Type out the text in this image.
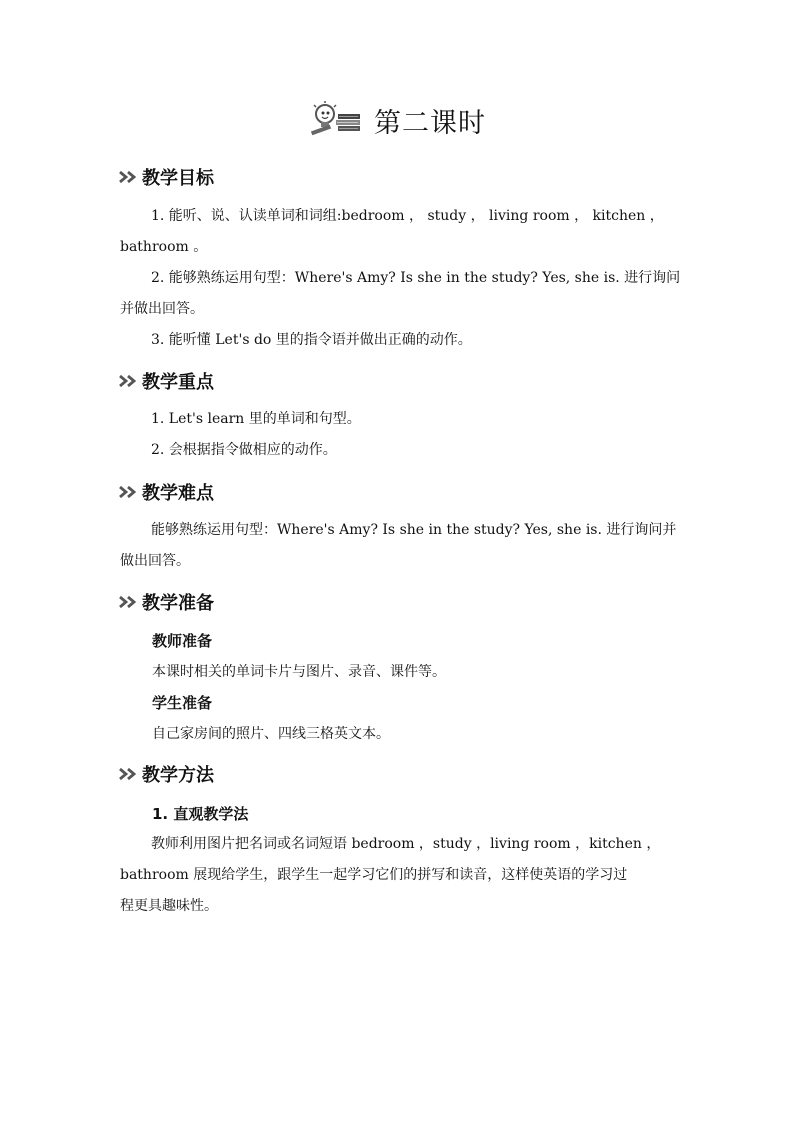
第二课时
教学目标
1. 能听、说、认读单词和词组:bedroom ， study ， living room ， kitchen ，
bathroom 。
2. 能够熟练运用句型：Where's Amy? Is she in the study? Yes, she is. 进行询问
并做出回答。
3. 能听懂 Let's do 里的指令语并做出正确的动作。
教学重点
1. Let's learn 里的单词和句型。
2. 会根据指令做相应的动作。
教学难点
能够熟练运用句型：Where's Amy? Is she in the study? Yes, she is. 进行询问并
做出回答。
教学准备
教师准备
本课时相关的单词卡片与图片、录音、课件等。
学生准备
自己家房间的照片、四线三格英文本。
教学方法
1. 直观教学法
教师利用图片把名词或名词短语 bedroom ，study ，living room ，kitchen ，
bathroom 展现给学生，跟学生一起学习它们的拼写和读音，这样使英语的学习过
程更具趣味性。
